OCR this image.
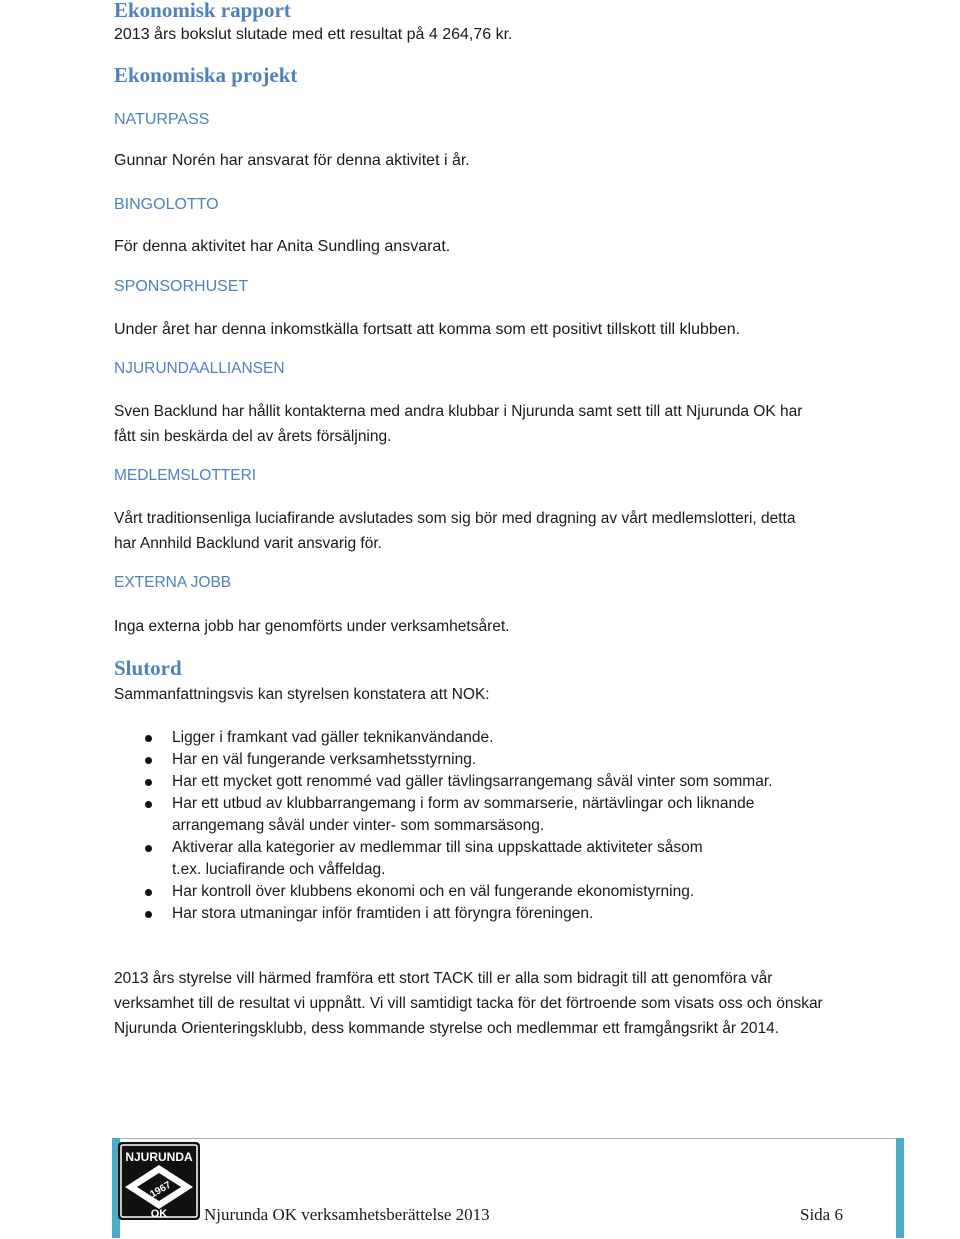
Ekonomisk rapport
2013 års bokslut slutade med ett resultat på 4 264,76 kr.
Ekonomiska projekt
NATURPASS
Gunnar Norén har ansvarat för denna aktivitet i år.
BINGOLOTTO
För denna aktivitet har Anita Sundling ansvarat.
SPONSORHUSET
Under året har denna inkomstkälla fortsatt att komma som ett positivt tillskott till klubben.
NJURUNDAALLIANSEN
Sven Backlund har hållit kontakterna med andra klubbar i Njurunda samt sett till att Njurunda OK har
fått sin beskärda del av årets försäljning.
MEDLEMSLOTTERI
Vårt traditionsenliga luciafirande avslutades som sig bör med dragning av vårt medlemslotteri, detta
har Annhild Backlund varit ansvarig för.
EXTERNA JOBB
Inga externa jobb har genomförts under verksamhetsåret.
Slutord
Sammanfattningsvis kan styrelsen konstatera att NOK:
Ligger i framkant vad gäller teknikanvändande.
Har en väl fungerande verksamhetsstyrning.
Har ett mycket gott renommé vad gäller tävlingsarrangemang såväl vinter som sommar.
Har ett utbud av klubbarrangemang i form av sommarserie, närtävlingar och liknande arrangemang såväl under vinter- som sommarsäsong.
Aktiverar alla kategorier av medlemmar till sina uppskattade aktiviteter såsom t.ex. luciafirande och våffeldag.
Har kontroll över klubbens ekonomi och en väl fungerande ekonomistyrning.
Har stora utmaningar inför framtiden i att föryngra föreningen.
2013 års styrelse vill härmed framföra ett stort TACK till er alla som bidragit till att genomföra vår verksamhet till de resultat vi uppnått. Vi vill samtidigt tacka för det förtroende som visats oss och önskar Njurunda Orienteringsklubb, dess kommande styrelse och medlemmar ett framgångsrikt år 2014.
NJURUNDA
1967
OK Njurunda OK verksamhetsberättelse 2013	Sida 6
